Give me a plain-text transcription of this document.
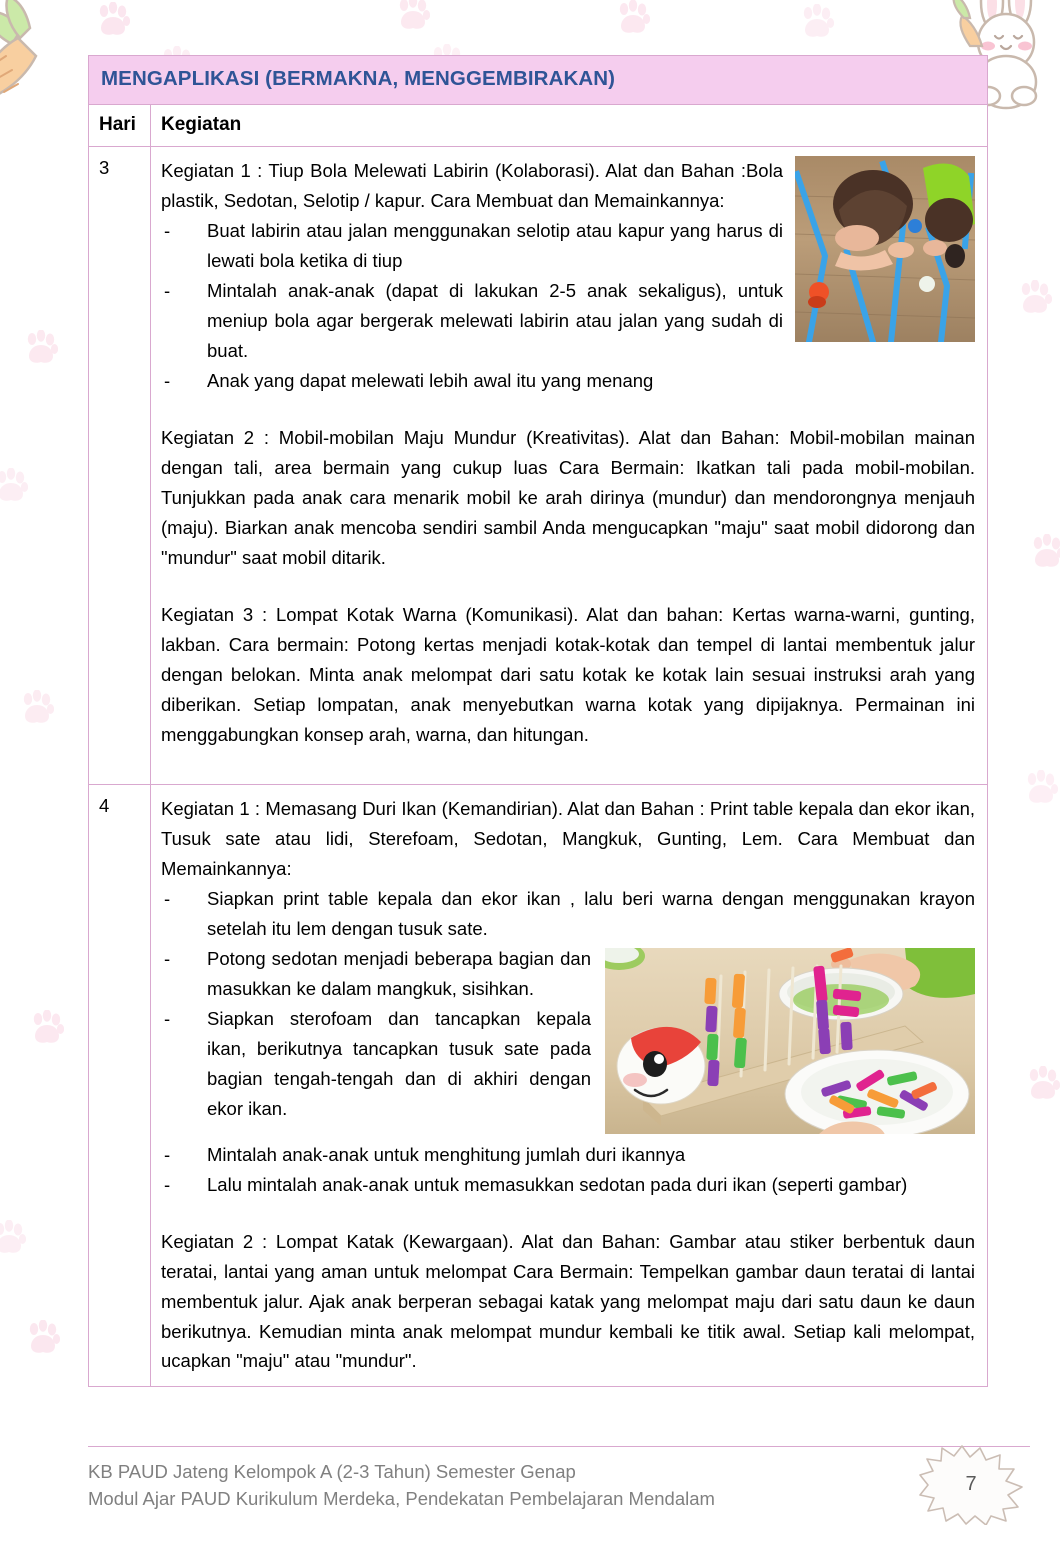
MENGAPLIKASI (BERMAKNA, MENGGEMBIRAKAN)	

Hari	Kegiatan
3	Kegiatan 1 : Tiup Bola Melewati Labirin (Kolaborasi). Alat dan Bahan :Bola plastik, Sedotan, Selotip / kapur. Cara Membuat dan Memainkannya:

- Buat labirin atau jalan menggunakan selotip atau kapur yang harus di lewati bola ketika di tiup
- Mintalah anak-anak (dapat di lakukan 2-5 anak sekaligus), untuk meniup bola agar bergerak melewati labirin atau jalan yang sudah di buat.
- Anak yang dapat melewati lebih awal itu yang menang

Kegiatan 2 : Mobil-mobilan Maju Mundur (Kreativitas). Alat dan Bahan: Mobil-mobilan mainan dengan tali, area bermain yang cukup luas Cara Bermain: Ikatkan tali pada mobil-mobilan. Tunjukkan pada anak cara menarik mobil ke arah dirinya (mundur) dan mendorongnya menjauh (maju). Biarkan anak mencoba sendiri sambil Anda mengucapkan "maju" saat mobil didorong dan "mundur" saat mobil ditarik.

Kegiatan 3 : Lompat Kotak Warna (Komunikasi). Alat dan bahan: Kertas warna-warni, gunting, lakban. Cara bermain: Potong kertas menjadi kotak-kotak dan tempel di lantai membentuk jalur dengan belokan. Minta anak melompat dari satu kotak ke kotak lain sesuai instruksi arah yang diberikan. Setiap lompatan, anak menyebutkan warna kotak yang dipijaknya. Permainan ini menggabungkan konsep arah, warna, dan hitungan.

4	Kegiatan 1 : Memasang Duri Ikan (Kemandirian). Alat dan Bahan : Print table kepala dan ekor ikan, Tusuk sate atau lidi, Sterefoam, Sedotan, Mangkuk, Gunting, Lem. Cara Membuat dan Memainkannya:

- Siapkan print table kepala dan ekor ikan , lalu beri warna dengan menggunakan krayon setelah itu lem dengan tusuk sate.
- Potong sedotan menjadi beberapa bagian dan masukkan ke dalam mangkuk, sisihkan.
- Siapkan sterofoam dan tancapkan kepala ikan, berikutnya tancapkan tusuk sate pada bagian tengah-tengah dan di akhiri dengan ekor ikan.
- Mintalah anak-anak untuk menghitung jumlah duri ikannya
- Lalu mintalah anak-anak untuk memasukkan sedotan pada duri ikan (seperti gambar)

Kegiatan 2 : Lompat Katak (Kewargaan). Alat dan Bahan: Gambar atau stiker berbentuk daun teratai, lantai yang aman untuk melompat Cara Bermain: Tempelkan gambar daun teratai di lantai membentuk jalur. Ajak anak berperan sebagai katak yang melompat maju dari satu daun ke daun berikutnya. Kemudian minta anak melompat mundur kembali ke titik awal. Setiap kali melompat, ucapkan "maju" atau "mundur".

KB PAUD Jateng Kelompok A (2-3 Tahun) Semester Genap
Modul Ajar PAUD Kurikulum Merdeka, Pendekatan Pembelajaran Mendalam
7
